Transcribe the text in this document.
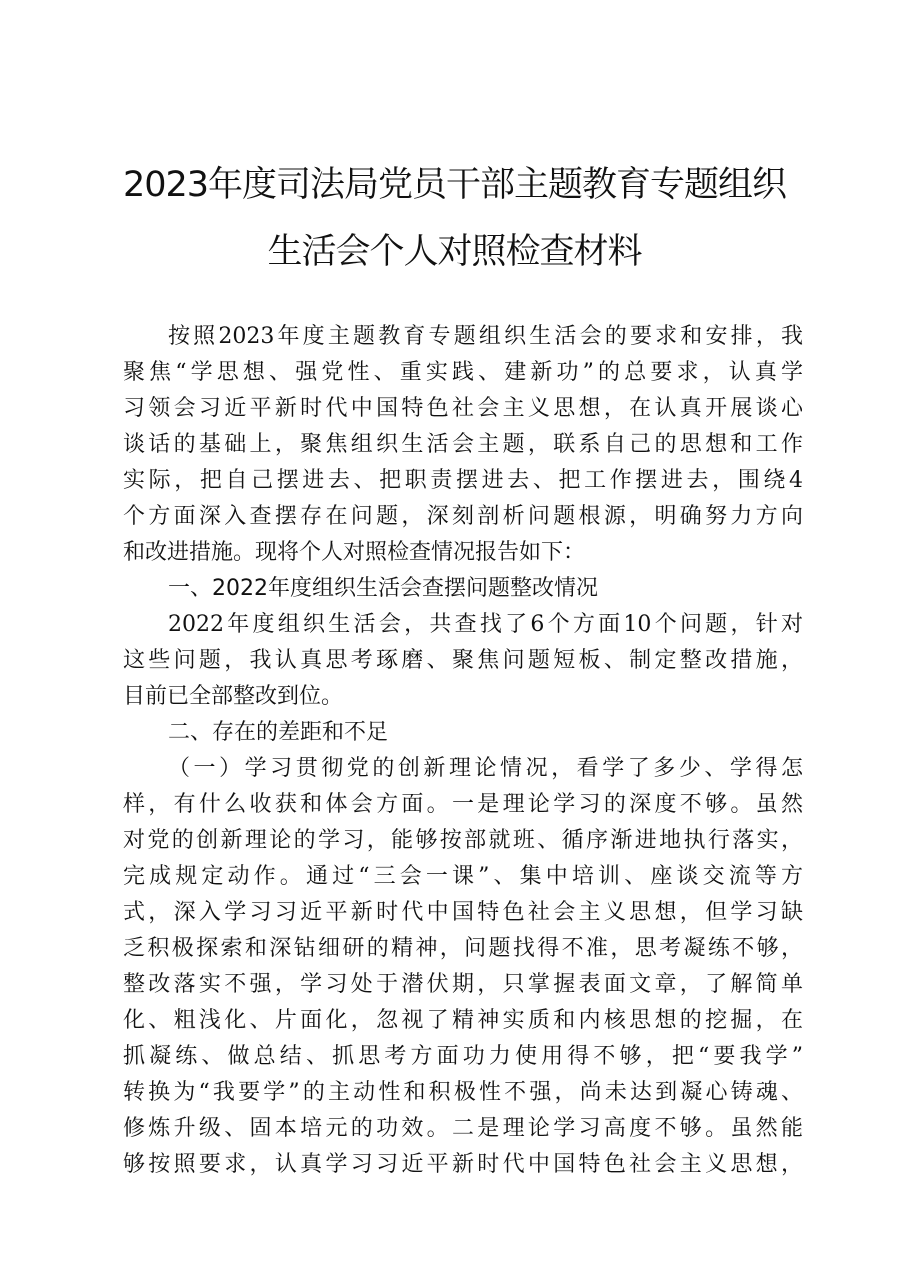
2023年度司法局党员干部主题教育专题组织
生活会个人对照检查材料
按照2023年度主题教育专题组织生活会的要求和安排，我
聚焦“学思想、强党性、重实践、建新功”的总要求，认真学
习领会习近平新时代中国特色社会主义思想，在认真开展谈心
谈话的基础上，聚焦组织生活会主题，联系自己的思想和工作
实际，把自己摆进去、把职责摆进去、把工作摆进去，围绕4
个方面深入查摆存在问题，深刻剖析问题根源，明确努力方向
和改进措施。现将个人对照检查情况报告如下：
一、2022年度组织生活会查摆问题整改情况
2022年度组织生活会，共查找了6个方面10个问题，针对
这些问题，我认真思考琢磨、聚焦问题短板、制定整改措施，
目前已全部整改到位。
二、存在的差距和不足
（一）学习贯彻党的创新理论情况，看学了多少、学得怎
样，有什么收获和体会方面。一是理论学习的深度不够。虽然
对党的创新理论的学习，能够按部就班、循序渐进地执行落实，
完成规定动作。通过“三会一课”、集中培训、座谈交流等方
式，深入学习习近平新时代中国特色社会主义思想，但学习缺
乏积极探索和深钻细研的精神，问题找得不准，思考凝练不够，
整改落实不强，学习处于潜伏期，只掌握表面文章，了解简单
化、粗浅化、片面化，忽视了精神实质和内核思想的挖掘，在
抓凝练、做总结、抓思考方面功力使用得不够，把“要我学”
转换为“我要学”的主动性和积极性不强，尚未达到凝心铸魂、
修炼升级、固本培元的功效。二是理论学习高度不够。虽然能
够按照要求，认真学习习近平新时代中国特色社会主义思想，
